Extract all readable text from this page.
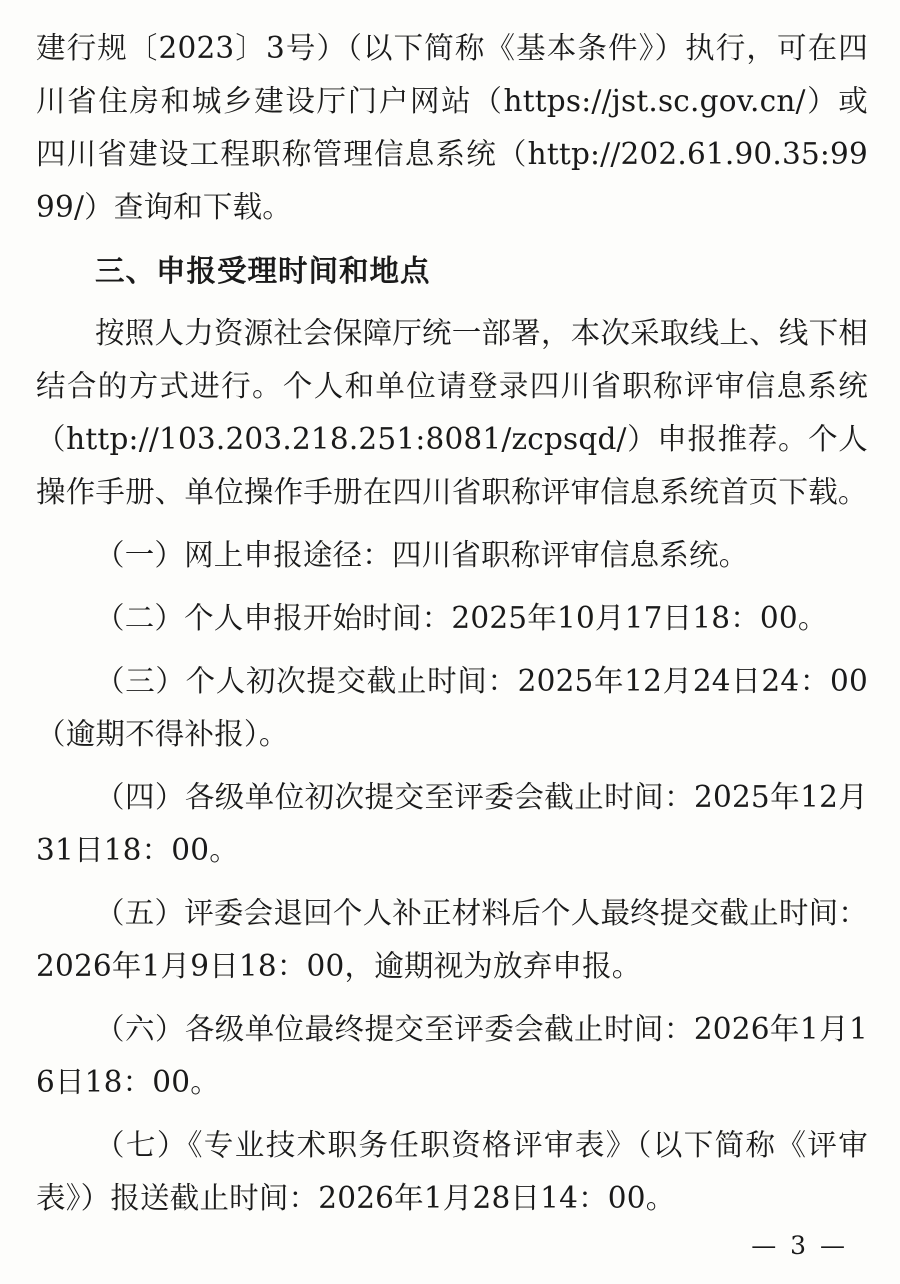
建行规〔2023〕3号）（以下简称《基本条件》）执行，可在四川省住房和城乡建设厅门户网站（https://jst.sc.gov.cn/）或四川省建设工程职称管理信息系统（http://202.61.90.35:9999/）查询和下载。

三、申报受理时间和地点

按照人力资源社会保障厅统一部署，本次采取线上、线下相结合的方式进行。个人和单位请登录四川省职称评审信息系统（http://103.203.218.251:8081/zcpsqd/）申报推荐。个人操作手册、单位操作手册在四川省职称评审信息系统首页下载。

（一）网上申报途径：四川省职称评审信息系统。

（二）个人申报开始时间：2025年10月17日18：00。

（三）个人初次提交截止时间：2025年12月24日24：00（逾期不得补报）。

（四）各级单位初次提交至评委会截止时间：2025年12月31日18：00。

（五）评委会退回个人补正材料后个人最终提交截止时间：2026年1月9日18：00，逾期视为放弃申报。

（六）各级单位最终提交至评委会截止时间：2026年1月16日18：00。

（七）《专业技术职务任职资格评审表》（以下简称《评审表》）报送截止时间：2026年1月28日14：00。

— 3 —
